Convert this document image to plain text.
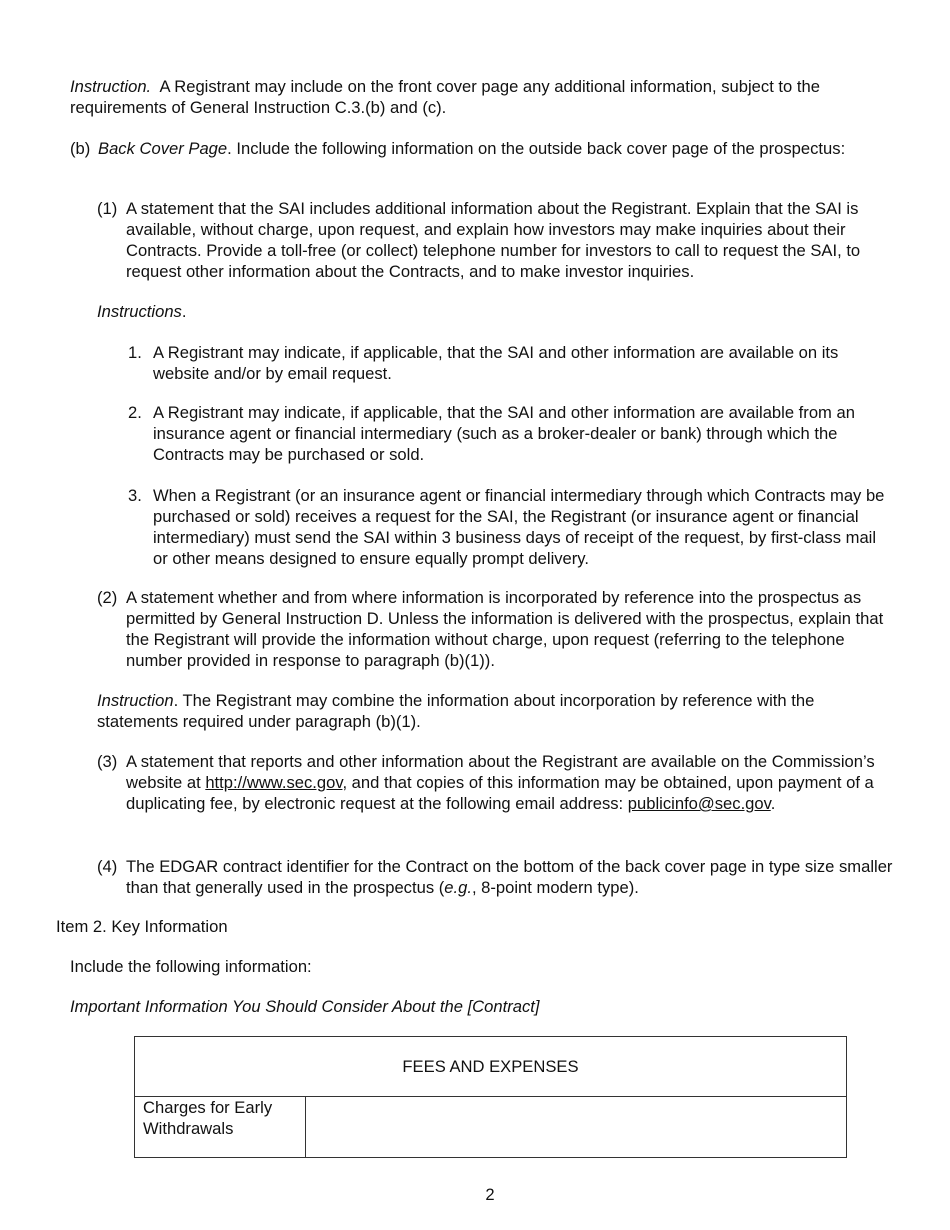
Instruction. A Registrant may include on the front cover page any additional information, subject to the requirements of General Instruction C.3.(b) and (c).

(b) Back Cover Page. Include the following information on the outside back cover page of the prospectus:

(1) A statement that the SAI includes additional information about the Registrant. Explain that the SAI is available, without charge, upon request, and explain how investors may make inquiries about their Contracts. Provide a toll-free (or collect) telephone number for investors to call to request the SAI, to request other information about the Contracts, and to make investor inquiries.

Instructions.

1. A Registrant may indicate, if applicable, that the SAI and other information are available on its website and/or by email request.

2. A Registrant may indicate, if applicable, that the SAI and other information are available from an insurance agent or financial intermediary (such as a broker-dealer or bank) through which the Contracts may be purchased or sold.

3. When a Registrant (or an insurance agent or financial intermediary through which Contracts may be purchased or sold) receives a request for the SAI, the Registrant (or insurance agent or financial intermediary) must send the SAI within 3 business days of receipt of the request, by first-class mail or other means designed to ensure equally prompt delivery.

(2) A statement whether and from where information is incorporated by reference into the prospectus as permitted by General Instruction D. Unless the information is delivered with the prospectus, explain that the Registrant will provide the information without charge, upon request (referring to the telephone number provided in response to paragraph (b)(1)).

Instruction. The Registrant may combine the information about incorporation by reference with the statements required under paragraph (b)(1).

(3) A statement that reports and other information about the Registrant are available on the Commission’s website at http://www.sec.gov, and that copies of this information may be obtained, upon payment of a duplicating fee, by electronic request at the following email address: publicinfo@sec.gov.

(4) The EDGAR contract identifier for the Contract on the bottom of the back cover page in type size smaller than that generally used in the prospectus (e.g., 8-point modern type).

Item 2. Key Information

Include the following information:

Important Information You Should Consider About the [Contract]

FEES AND EXPENSES
Charges for Early Withdrawals	
2
